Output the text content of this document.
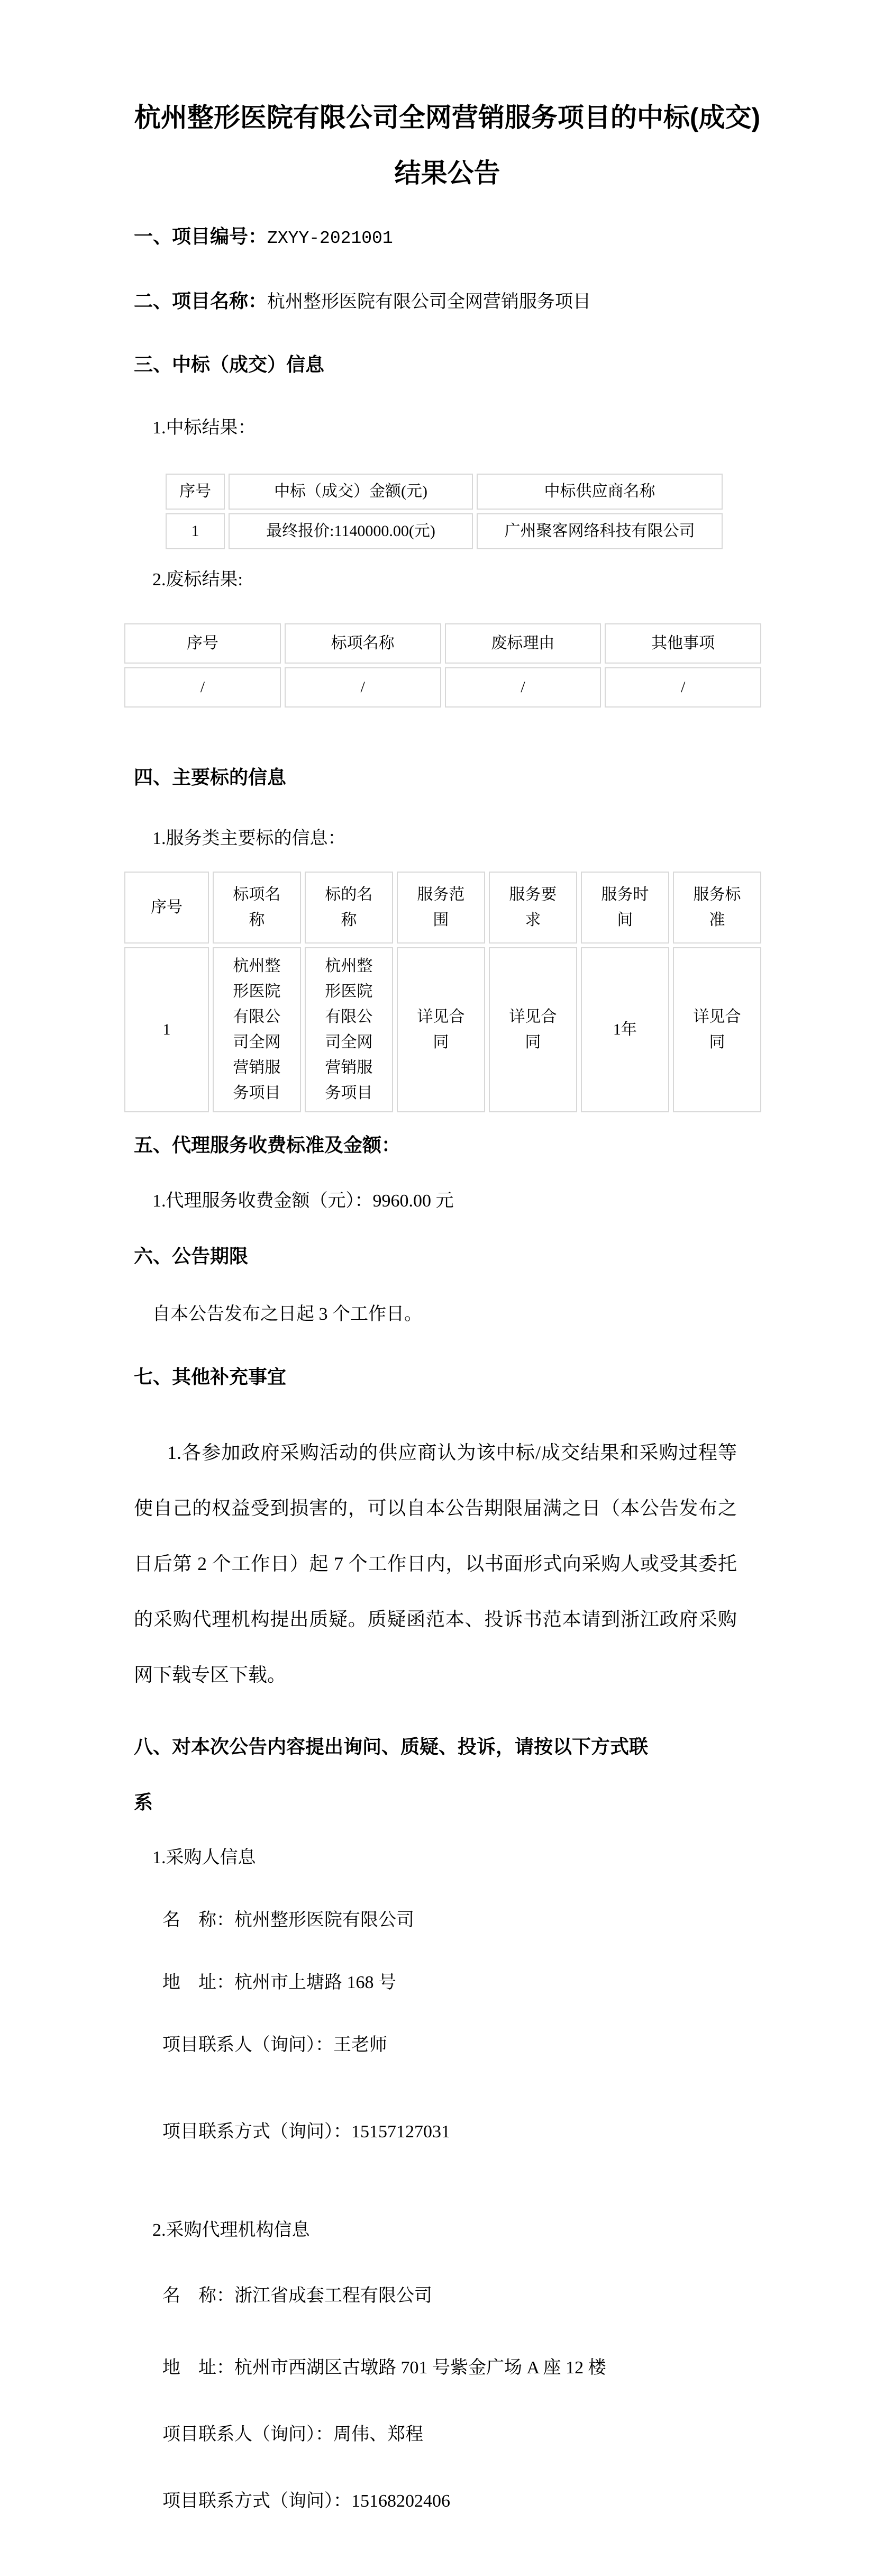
杭州整形医院有限公司全网营销服务项目的中标(成交)结果公告

一、项目编号：ZXYY-2021001

二、项目名称：杭州整形医院有限公司全网营销服务项目

三、中标（成交）信息

1.中标结果：

序号	中标（成交）金额(元)	中标供应商名称
1	最终报价:1140000.00(元)	广州聚客网络科技有限公司

2.废标结果:

序号	标项名称	废标理由	其他事项
/	/	/	/

四、主要标的信息

1.服务类主要标的信息：

序号	标项名称	标的名称	服务范围	服务要求	服务时间	服务标准
1	杭州整形医院有限公司全网营销服务项目	杭州整形医院有限公司全网营销服务项目	详见合同	详见合同	1年	详见合同

五、代理服务收费标准及金额：

1.代理服务收费金额（元）：9960.00 元

六、公告期限

自本公告发布之日起 3 个工作日。

七、其他补充事宜

1.各参加政府采购活动的供应商认为该中标/成交结果和采购过程等使自己的权益受到损害的，可以自本公告期限届满之日（本公告发布之日后第 2 个工作日）起 7 个工作日内，以书面形式向采购人或受其委托的采购代理机构提出质疑。质疑函范本、投诉书范本请到浙江政府采购网下载专区下载。

八、对本次公告内容提出询问、质疑、投诉，请按以下方式联系

1.采购人信息

名　称：杭州整形医院有限公司

地　址：杭州市上塘路 168 号

项目联系人（询问）：王老师

项目联系方式（询问）：15157127031

2.采购代理机构信息

名　称：浙江省成套工程有限公司

地　址：杭州市西湖区古墩路 701 号紫金广场 A 座 12 楼

项目联系人（询问）：周伟、郑程

项目联系方式（询问）：15168202406
